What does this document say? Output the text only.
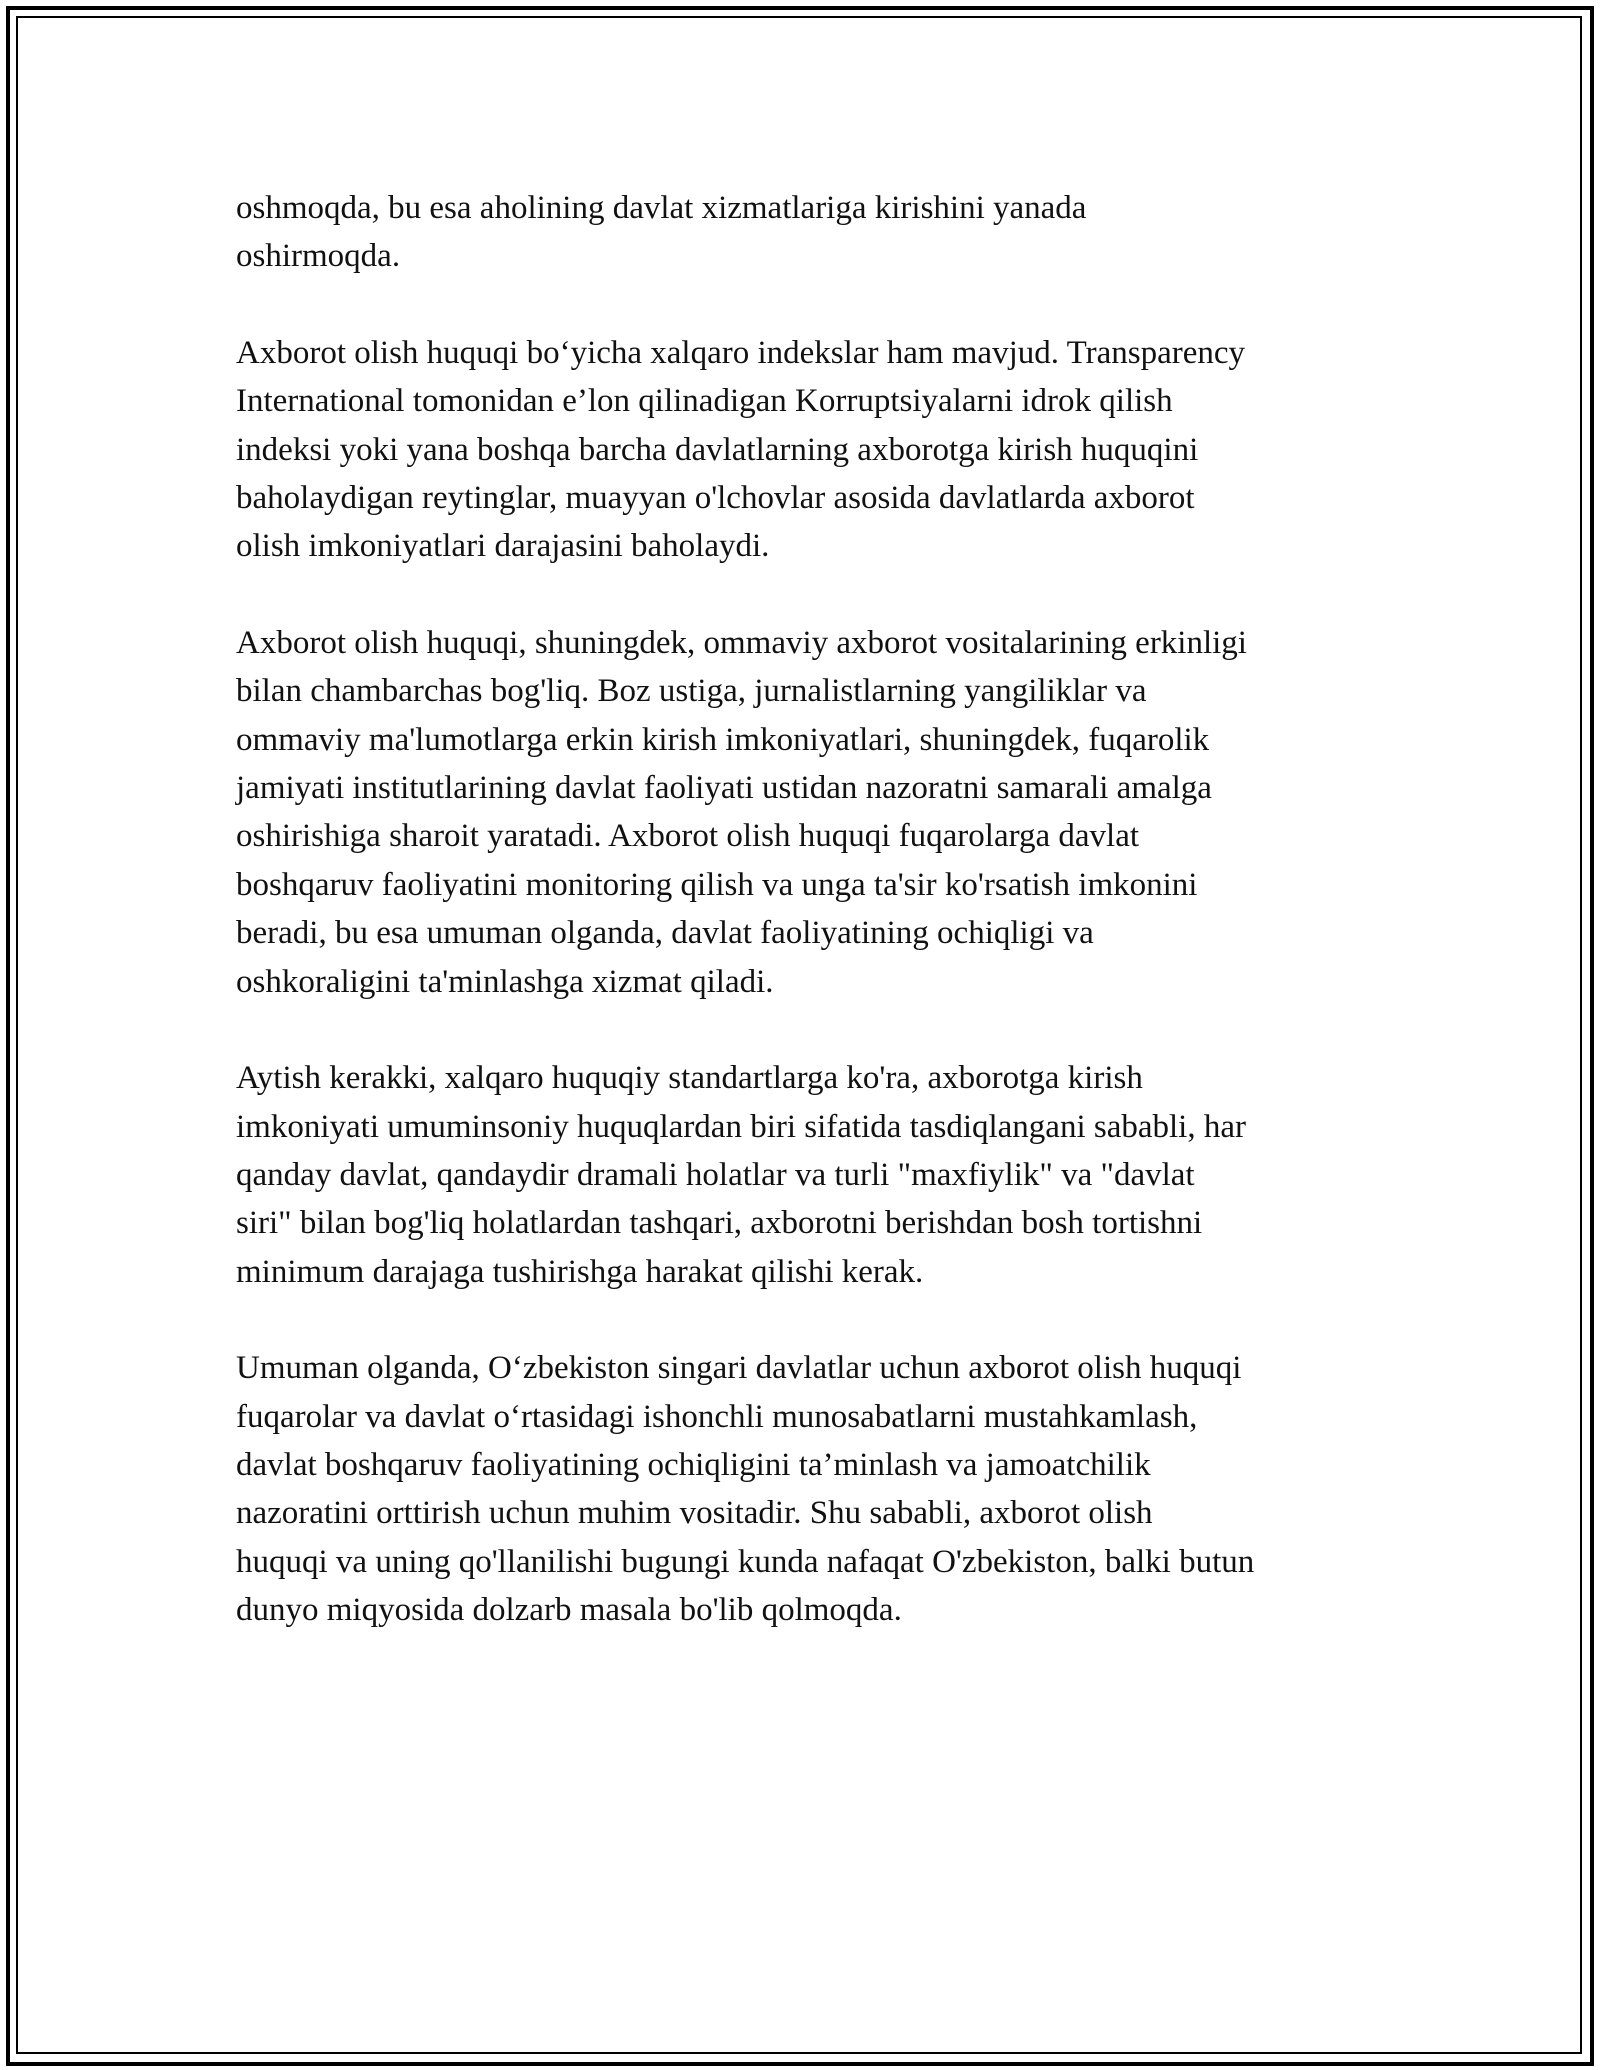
oshmoqda, bu esa aholining davlat xizmatlariga kirishini yanada
oshirmoqda.

Axborot olish huquqi bo‘yicha xalqaro indekslar ham mavjud. Transparency
International tomonidan e’lon qilinadigan Korruptsiyalarni idrok qilish
indeksi yoki yana boshqa barcha davlatlarning axborotga kirish huquqini
baholaydigan reytinglar, muayyan o'lchovlar asosida davlatlarda axborot
olish imkoniyatlari darajasini baholaydi.

Axborot olish huquqi, shuningdek, ommaviy axborot vositalarining erkinligi
bilan chambarchas bog'liq. Boz ustiga, jurnalistlarning yangiliklar va
ommaviy ma'lumotlarga erkin kirish imkoniyatlari, shuningdek, fuqarolik
jamiyati institutlarining davlat faoliyati ustidan nazoratni samarali amalga
oshirishiga sharoit yaratadi. Axborot olish huquqi fuqarolarga davlat
boshqaruv faoliyatini monitoring qilish va unga ta'sir ko'rsatish imkonini
beradi, bu esa umuman olganda, davlat faoliyatining ochiqligi va
oshkoraligini ta'minlashga xizmat qiladi.

Aytish kerakki, xalqaro huquqiy standartlarga ko'ra, axborotga kirish
imkoniyati umuminsoniy huquqlardan biri sifatida tasdiqlangani sababli, har
qanday davlat, qandaydir dramali holatlar va turli "maxfiylik" va "davlat
siri" bilan bog'liq holatlardan tashqari, axborotni berishdan bosh tortishni
minimum darajaga tushirishga harakat qilishi kerak.

Umuman olganda, O‘zbekiston singari davlatlar uchun axborot olish huquqi
fuqarolar va davlat o‘rtasidagi ishonchli munosabatlarni mustahkamlash,
davlat boshqaruv faoliyatining ochiqligini ta’minlash va jamoatchilik
nazoratini orttirish uchun muhim vositadir. Shu sababli, axborot olish
huquqi va uning qo'llanilishi bugungi kunda nafaqat O'zbekiston, balki butun
dunyo miqyosida dolzarb masala bo'lib qolmoqda.
